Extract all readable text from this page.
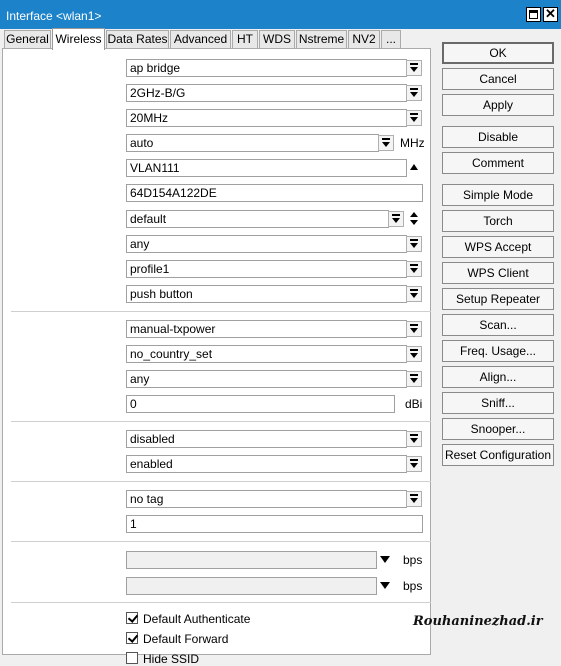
Interface <wlan1>	✕
General Wireless Data Rates Advanced HT WDS Nstreme NV2 ...
ap bridge
2GHz-B/G
20MHz
auto	MHz
VLAN111
64D154A122DE
default
any
profile1
push button
manual-txpower
no_country_set
any
0	dBi
disabled
enabled
no tag
1
bps
bps
Default Authenticate
Default Forward
Hide SSID
OK
Cancel
Apply
Disable
Comment
Simple Mode
Torch
WPS Accept
WPS Client
Setup Repeater
Scan...
Freq. Usage...
Align...
Sniff...
Snooper...
Reset Configuration
Rouhaninezhad.ir
